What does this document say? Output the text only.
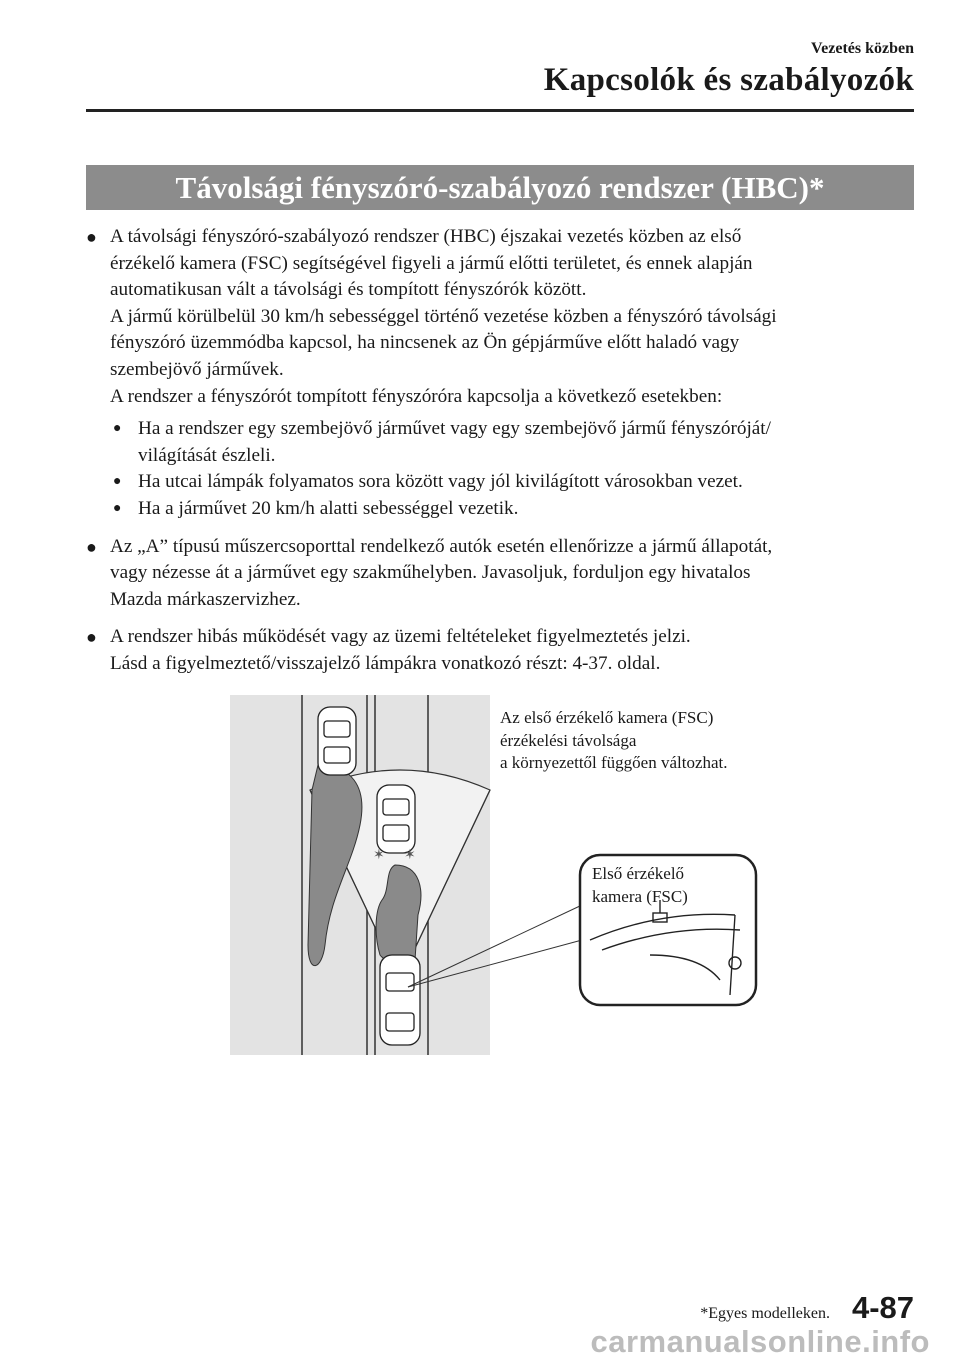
Vezetés közben
Kapcsolók és szabályozók
Távolsági fényszóró-szabályozó rendszer (HBC)*
● A távolsági fényszóró-szabályozó rendszer (HBC) éjszakai vezetés közben az első

érzékelő kamera (FSC) segítségével figyeli a jármű előtti területet, és ennek alapján

automatikusan vált a távolsági és tompított fényszórók között.

A jármű körülbelül 30 km/h sebességgel történő vezetése közben a fényszóró távolsági

fényszóró üzemmódba kapcsol, ha nincsenek az Ön gépjárműve előtt haladó vagy

szembejövő járművek.

A rendszer a fényszórót tompított fényszóróra kapcsolja a következő esetekben:

● Ha a rendszer egy szembejövő járművet vagy egy szembejövő jármű fényszóróját/

világítását észleli.

● Ha utcai lámpák folyamatos sora között vagy jól kivilágított városokban vezet.

● Ha a járművet 20 km/h alatti sebességgel vezetik.

● Az „A” típusú műszercsoporttal rendelkező autók esetén ellenőrizze a jármű állapotát,

vagy nézesse át a járművet egy szakműhelyben. Javasoljuk, forduljon egy hivatalos

Mazda márkaszervizhez.

● A rendszer hibás működését vagy az üzemi feltételeket figyelmeztetés jelzi.

Lásd a figyelmeztető/visszajelző lámpákra vonatkozó részt: 4-37. oldal.

✶ ✶
Az első érzékelő kamera (FSC)
érzékelési távolsága
a környezettől függően változhat.
Első érzékelő
kamera (FSC)
*Egyes modelleken. 4-87
carmanualsonline.info
